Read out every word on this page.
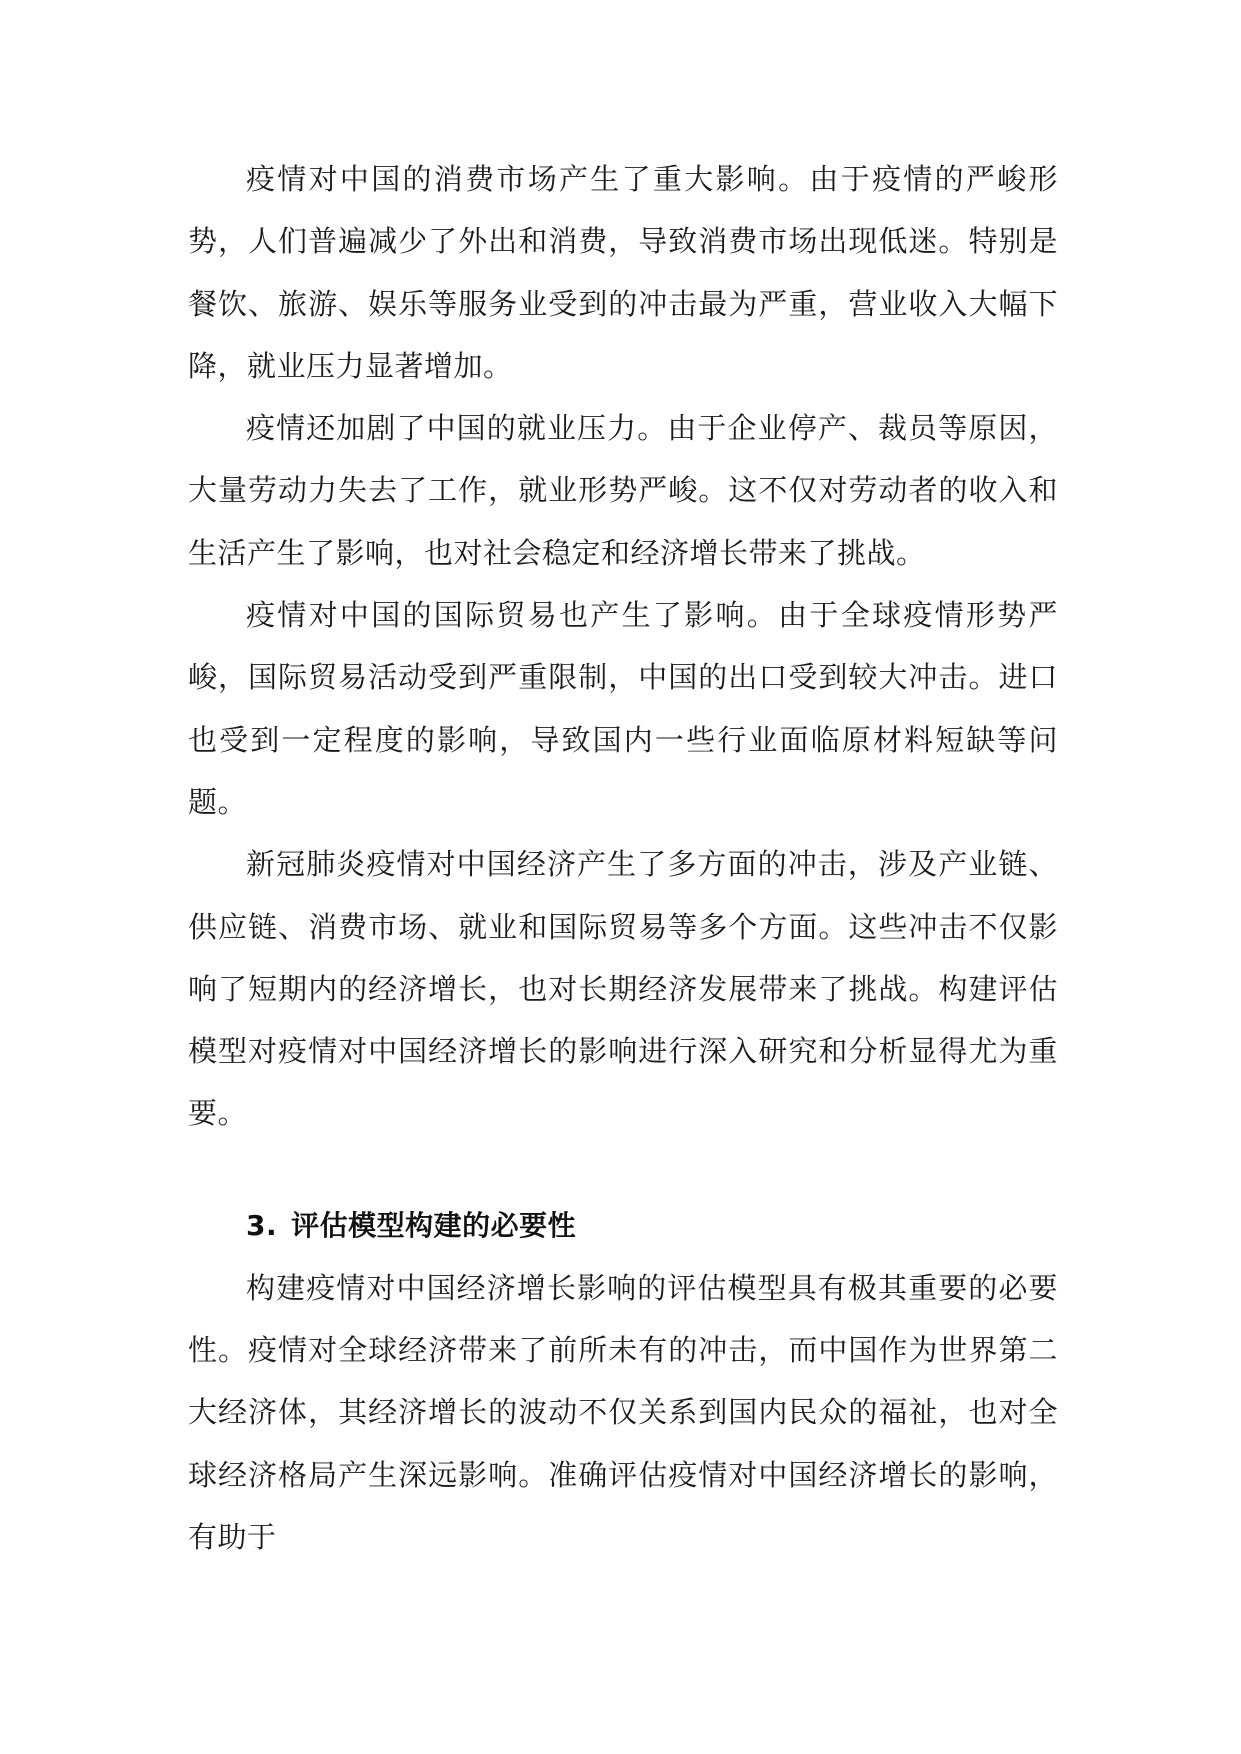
疫情对中国的消费市场产生了重大影响。由于疫情的严峻形势，人们普遍减少了外出和消费，导致消费市场出现低迷。特别是餐饮、旅游、娱乐等服务业受到的冲击最为严重，营业收入大幅下降，就业压力显著增加。

疫情还加剧了中国的就业压力。由于企业停产、裁员等原因，大量劳动力失去了工作，就业形势严峻。这不仅对劳动者的收入和生活产生了影响，也对社会稳定和经济增长带来了挑战。

疫情对中国的国际贸易也产生了影响。由于全球疫情形势严峻，国际贸易活动受到严重限制，中国的出口受到较大冲击。进口也受到一定程度的影响，导致国内一些行业面临原材料短缺等问题。

新冠肺炎疫情对中国经济产生了多方面的冲击，涉及产业链、供应链、消费市场、就业和国际贸易等多个方面。这些冲击不仅影响了短期内的经济增长，也对长期经济发展带来了挑战。构建评估模型对疫情对中国经济增长的影响进行深入研究和分析显得尤为重要。

3. 评估模型构建的必要性

构建疫情对中国经济增长影响的评估模型具有极其重要的必要性。疫情对全球经济带来了前所未有的冲击，而中国作为世界第二大经济体，其经济增长的波动不仅关系到国内民众的福祉，也对全球经济格局产生深远影响。准确评估疫情对中国经济增长的影响，有助于
